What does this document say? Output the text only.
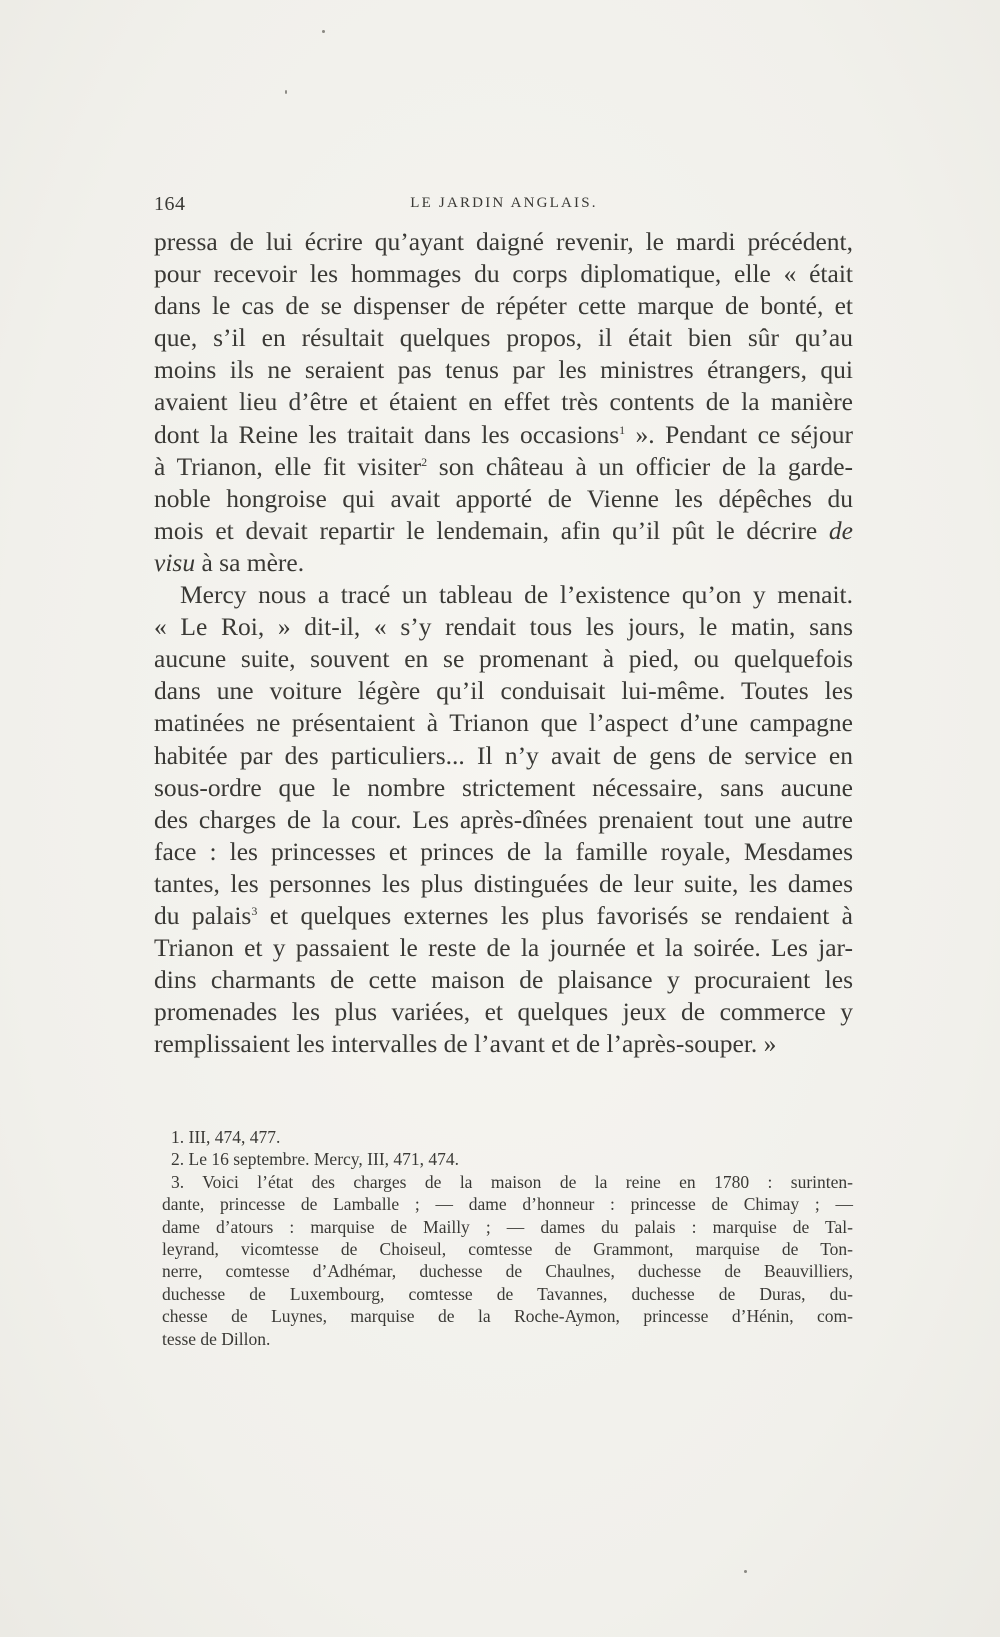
164	LE JARDIN ANGLAIS.
pressa de lui écrire qu’ayant daigné revenir, le mardi précédent,
pour recevoir les hommages du corps diplomatique, elle « était
dans le cas de se dispenser de répéter cette marque de bonté, et
que, s’il en résultait quelques propos, il était bien sûr qu’au
moins ils ne seraient pas tenus par les ministres étrangers, qui
avaient lieu d’être et étaient en effet très contents de la manière
dont la Reine les traitait dans les occasions$^1$ ». Pendant ce séjour
à Trianon, elle fit visiter$^2$ son château à un officier de la garde-
noble hongroise qui avait apporté de Vienne les dépêches du
mois et devait repartir le lendemain, afin qu’il pût le décrire de
visu à sa mère.
Mercy nous a tracé un tableau de l’existence qu’on y menait.
« Le Roi, » dit-il, « s’y rendait tous les jours, le matin, sans
aucune suite, souvent en se promenant à pied, ou quelquefois
dans une voiture légère qu’il conduisait lui-même. Toutes les
matinées ne présentaient à Trianon que l’aspect d’une campagne
habitée par des particuliers... Il n’y avait de gens de service en
sous-ordre que le nombre strictement nécessaire, sans aucune
des charges de la cour. Les après-dînées prenaient tout une autre
face : les princesses et princes de la famille royale, Mesdames
tantes, les personnes les plus distinguées de leur suite, les dames
du palais$^3$ et quelques externes les plus favorisés se rendaient à
Trianon et y passaient le reste de la journée et la soirée. Les jar-
dins charmants de cette maison de plaisance y procuraient les
promenades les plus variées, et quelques jeux de commerce y
remplissaient les intervalles de l’avant et de l’après-souper. »
1. III, 474, 477.
2. Le 16 septembre. Mercy, III, 471, 474.
3. Voici l’état des charges de la maison de la reine en 1780 : surinten-
dante, princesse de Lamballe ; — dame d’honneur : princesse de Chimay ; —
dame d’atours : marquise de Mailly ; — dames du palais : marquise de Tal-
leyrand, vicomtesse de Choiseul, comtesse de Grammont, marquise de Ton-
nerre, comtesse d’Adhémar, duchesse de Chaulnes, duchesse de Beauvilliers,
duchesse de Luxembourg, comtesse de Tavannes, duchesse de Duras, du-
chesse de Luynes, marquise de la Roche-Aymon, princesse d’Hénin, com-
tesse de Dillon.
